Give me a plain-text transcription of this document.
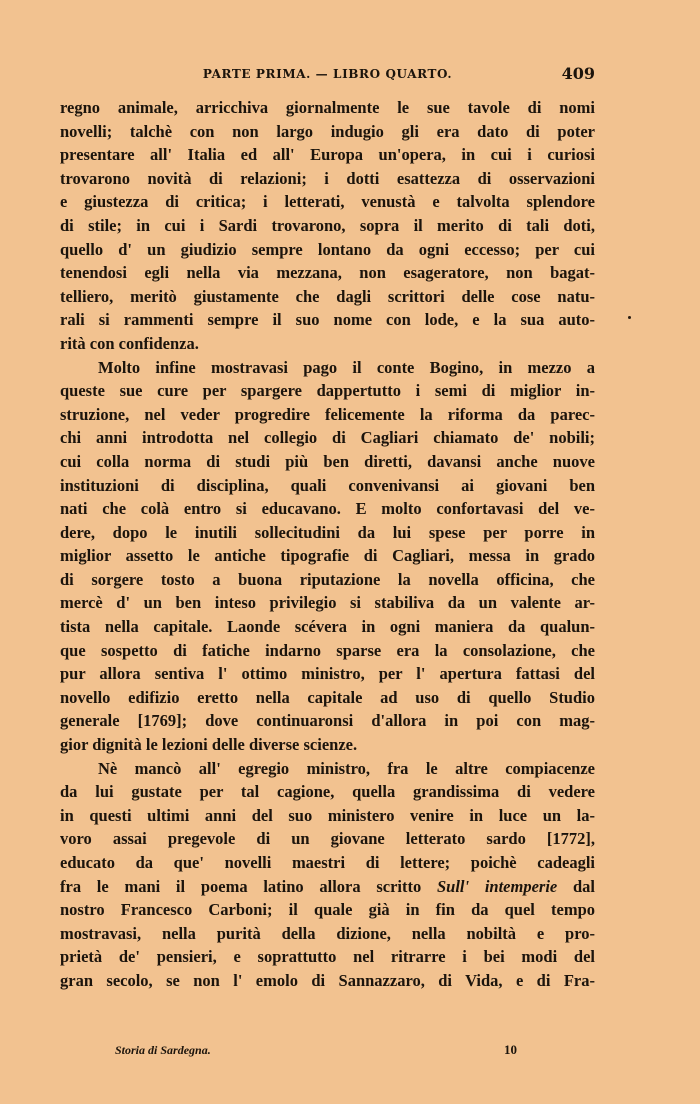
PARTE PRIMA. — LIBRO QUARTO.	409
regno animale, arricchiva giornalmente le sue tavole di nomi
novelli; talchè con non largo indugio gli era dato di poter
presentare all' Italia ed all' Europa un'opera, in cui i curiosi
trovarono novità di relazioni; i dotti esattezza di osservazioni
e giustezza di critica; i letterati, venustà e talvolta splendore
di stile; in cui i Sardi trovarono, sopra il merito di tali doti,
quello d' un giudizio sempre lontano da ogni eccesso; per cui
tenendosi egli nella via mezzana, non esageratore, non bagat-
telliero, meritò giustamente che dagli scrittori delle cose natu-
rali si rammenti sempre il suo nome con lode, e la sua auto-
rità con confidenza.
Molto infine mostravasi pago il conte Bogino, in mezzo a
queste sue cure per spargere dappertutto i semi di miglior in-
struzione, nel veder progredire felicemente la riforma da parec-
chi anni introdotta nel collegio di Cagliari chiamato de' nobili;
cui colla norma di studi più ben diretti, davansi anche nuove
instituzioni di disciplina, quali convenivansi ai giovani ben
nati che colà entro si educavano. E molto confortavasi del ve-
dere, dopo le inutili sollecitudini da lui spese per porre in
miglior assetto le antiche tipografie di Cagliari, messa in grado
di sorgere tosto a buona riputazione la novella officina, che
mercè d' un ben inteso privilegio si stabiliva da un valente ar-
tista nella capitale. Laonde scévera in ogni maniera da qualun-
que sospetto di fatiche indarno sparse era la consolazione, che
pur allora sentiva l' ottimo ministro, per l' apertura fattasi del
novello edifizio eretto nella capitale ad uso di quello Studio
generale [1769]; dove continuaronsi d'allora in poi con mag-
gior dignità le lezioni delle diverse scienze.
Nè mancò all' egregio ministro, fra le altre compiacenze
da lui gustate per tal cagione, quella grandissima di vedere
in questi ultimi anni del suo ministero venire in luce un la-
voro assai pregevole di un giovane letterato sardo [1772],
educato da que' novelli maestri di lettere; poichè cadeagli
fra le mani il poema latino allora scritto Sull' intemperie dal
nostro Francesco Carboni; il quale già in fin da quel tempo
mostravasi, nella purità della dizione, nella nobiltà e pro-
prietà de' pensieri, e soprattutto nel ritrarre i bei modi del
gran secolo, se non l' emolo di Sannazzaro, di Vida, e di Fra-
Storia di Sardegna.	10
